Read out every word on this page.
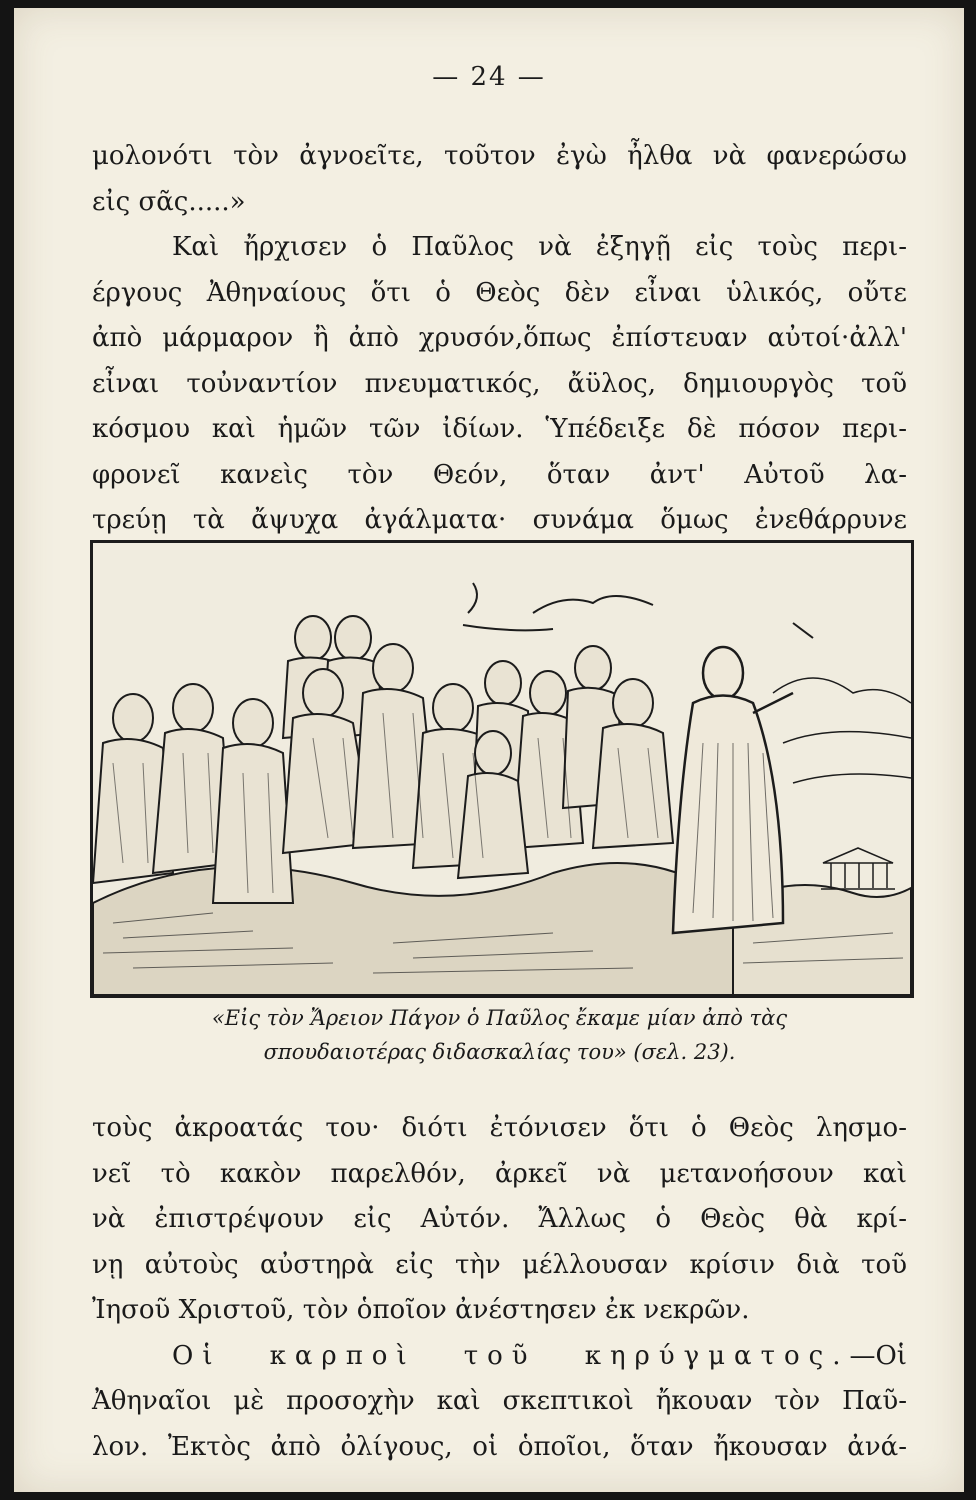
— 24 —
μολονότι τὸν ἀγνοεῖτε, τοῦτον ἐγὼ ἦλθα νὰ φανερώσω
εἰς σᾶς.....»
Καὶ ἤρχισεν ὁ Παῦλος νὰ ἐξηγῇ εἰς τοὺς περι-
έργους Ἀθηναίους ὅτι ὁ Θεὸς δὲν εἶναι ὑλικός, οὔτε
ἀπὸ μάρμαρον ἢ ἀπὸ χρυσόν,ὅπως ἐπίστευαν αὐτοί·ἀλλ'
εἶναι τοὐναντίον πνευματικός, ἄϋλος, δημιουργὸς τοῦ
κόσμου καὶ ἡμῶν τῶν ἰδίων. Ὑπέδειξε δὲ πόσον περι-
φρονεῖ κανεὶς τὸν Θεόν, ὅταν ἀντ' Αὐτοῦ λα-
τρεύῃ τὰ ἄψυχα ἀγάλματα· συνάμα ὅμως ἐνεθάρρυνε
«Εἰς τὸν Ἄρειον Πάγον ὁ Παῦλος ἔκαμε μίαν ἀπὸ τὰς
σπουδαιοτέρας διδασκαλίας του» (σελ. 23).
τοὺς ἀκροατάς του· διότι ἐτόνισεν ὅτι ὁ Θεὸς λησμο-
νεῖ τὸ κακὸν παρελθόν, ἀρκεῖ νὰ μετανοήσουν καὶ
νὰ ἐπιστρέψουν εἰς Αὐτόν. Ἄλλως ὁ Θεὸς θὰ κρί-
νῃ αὐτοὺς αὐστηρὰ εἰς τὴν μέλλουσαν κρίσιν διὰ τοῦ
Ἰησοῦ Χριστοῦ, τὸν ὁποῖον ἀνέστησεν ἐκ νεκρῶν.
Οἱ καρποὶ τοῦ κηρύγματος.—Οἱ
Ἀθηναῖοι μὲ προσοχὴν καὶ σκεπτικοὶ ἤκουαν τὸν Παῦ-
λον. Ἐκτὸς ἀπὸ ὀλίγους, οἱ ὁποῖοι, ὅταν ἤκουσαν ἀνά-
